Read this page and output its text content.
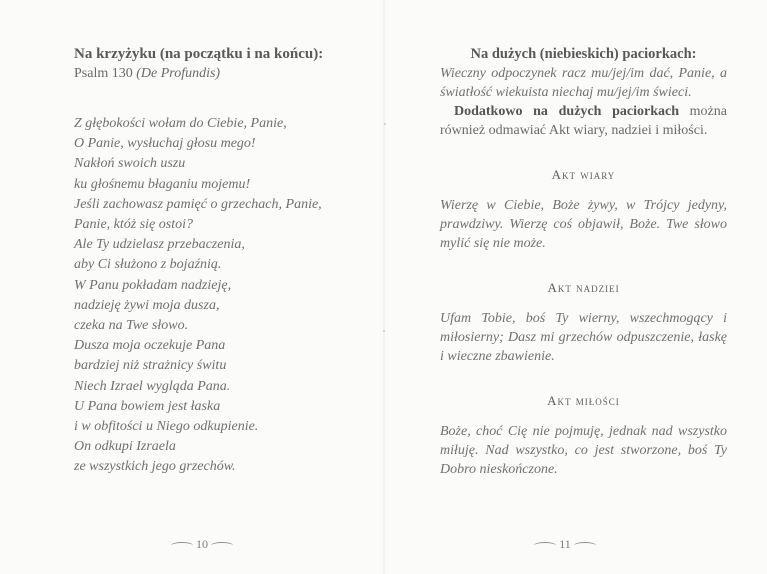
Na krzyżyku (na początku i na końcu):
Psalm 130 (De Profundis)
Z głębokości wołam do Ciebie, Panie,
O Panie, wysłuchaj głosu mego!
Nakłoń swoich uszu
ku głośnemu błaganiu mojemu!
Jeśli zachowasz pamięć o grzechach, Panie,
Panie, któż się ostoi?
Ale Ty udzielasz przebaczenia,
aby Ci służono z bojaźnią.
W Panu pokładam nadzieję,
nadzieję żywi moja dusza,
czeka na Twe słowo.
Dusza moja oczekuje Pana
bardziej niż strażnicy świtu
Niech Izrael wygląda Pana.
U Pana bowiem jest łaska
i w obfitości u Niego odkupienie.
On odkupi Izraela
ze wszystkich jego grzechów.
10
Na dużych (niebieskich) paciorkach:
Wieczny odpoczynek racz mu/jej/im dać, Panie, a światłość wiekuista niechaj mu/jej/im świeci.
Dodatkowo na dużych paciorkach można również odmawiać Akt wiary, nadziei i miłości.
Akt wiary
Wierzę w Ciebie, Boże żywy, w Trójcy jedyny, prawdziwy. Wierzę coś objawił, Boże. Twe słowo mylić się nie może.
Akt nadziei
Ufam Tobie, boś Ty wierny, wszechmogący i miłosierny; Dasz mi grzechów odpuszczenie, łaskę i wieczne zbawienie.
Akt miłości
Boże, choć Cię nie pojmuję, jednak nad wszystko miłuję. Nad wszystko, co jest stworzone, boś Ty Dobro nieskończone.
11
